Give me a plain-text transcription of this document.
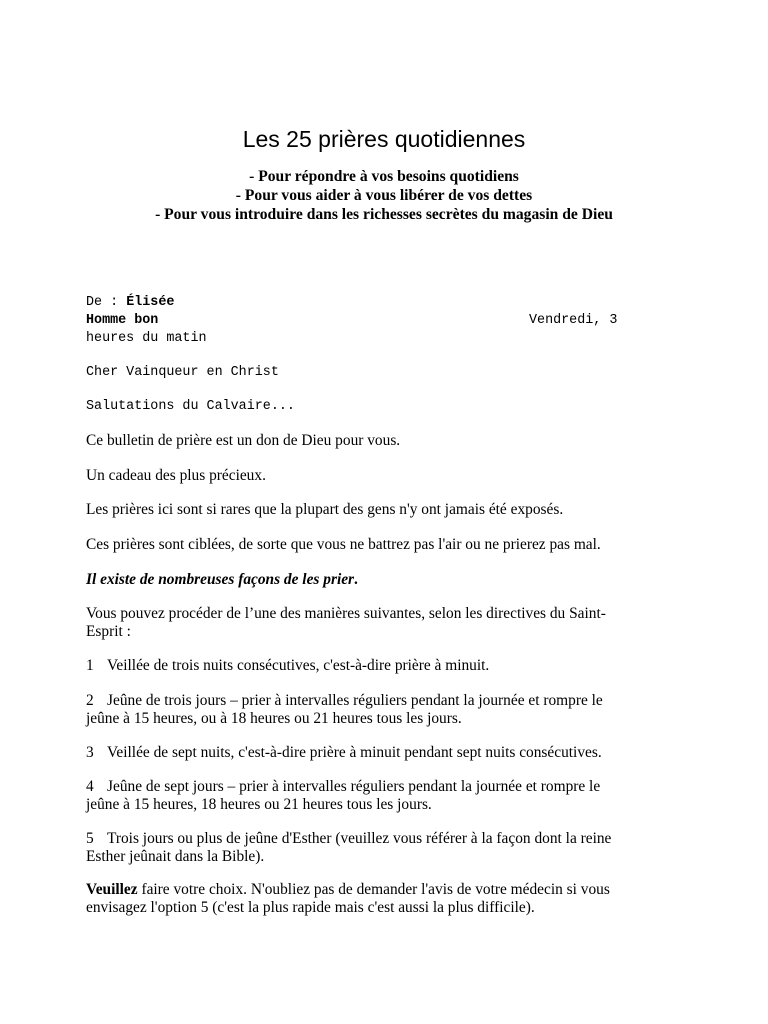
Les 25 prières quotidiennes
- Pour répondre à vos besoins quotidiens
- Pour vous aider à vous libérer de vos dettes
- Pour vous introduire dans les richesses secrètes du magasin de Dieu
De : Élisée
Homme bon	Vendredi, 3
heures du matin
Cher Vainqueur en Christ
Salutations du Calvaire...

Ce bulletin de prière est un don de Dieu pour vous.

Un cadeau des plus précieux.

Les prières ici sont si rares que la plupart des gens n'y ont jamais été exposés.

Ces prières sont ciblées, de sorte que vous ne battrez pas l'air ou ne prierez pas mal.

Il existe de nombreuses façons de les prier.

Vous pouvez procéder de l’une des manières suivantes, selon les directives du Saint-
Esprit :
1 Veillée de trois nuits consécutives, c'est-à-dire prière à minuit.
2 Jeûne de trois jours – prier à intervalles réguliers pendant la journée et rompre le
jeûne à 15 heures, ou à 18 heures ou 21 heures tous les jours.
3 Veillée de sept nuits, c'est-à-dire prière à minuit pendant sept nuits consécutives.
4 Jeûne de sept jours – prier à intervalles réguliers pendant la journée et rompre le
jeûne à 15 heures, 18 heures ou 21 heures tous les jours.
5 Trois jours ou plus de jeûne d'Esther (veuillez vous référer à la façon dont la reine
Esther jeûnait dans la Bible).
Veuillez faire votre choix. N'oubliez pas de demander l'avis de votre médecin si vous
envisagez l'option 5 (c'est la plus rapide mais c'est aussi la plus difficile).
